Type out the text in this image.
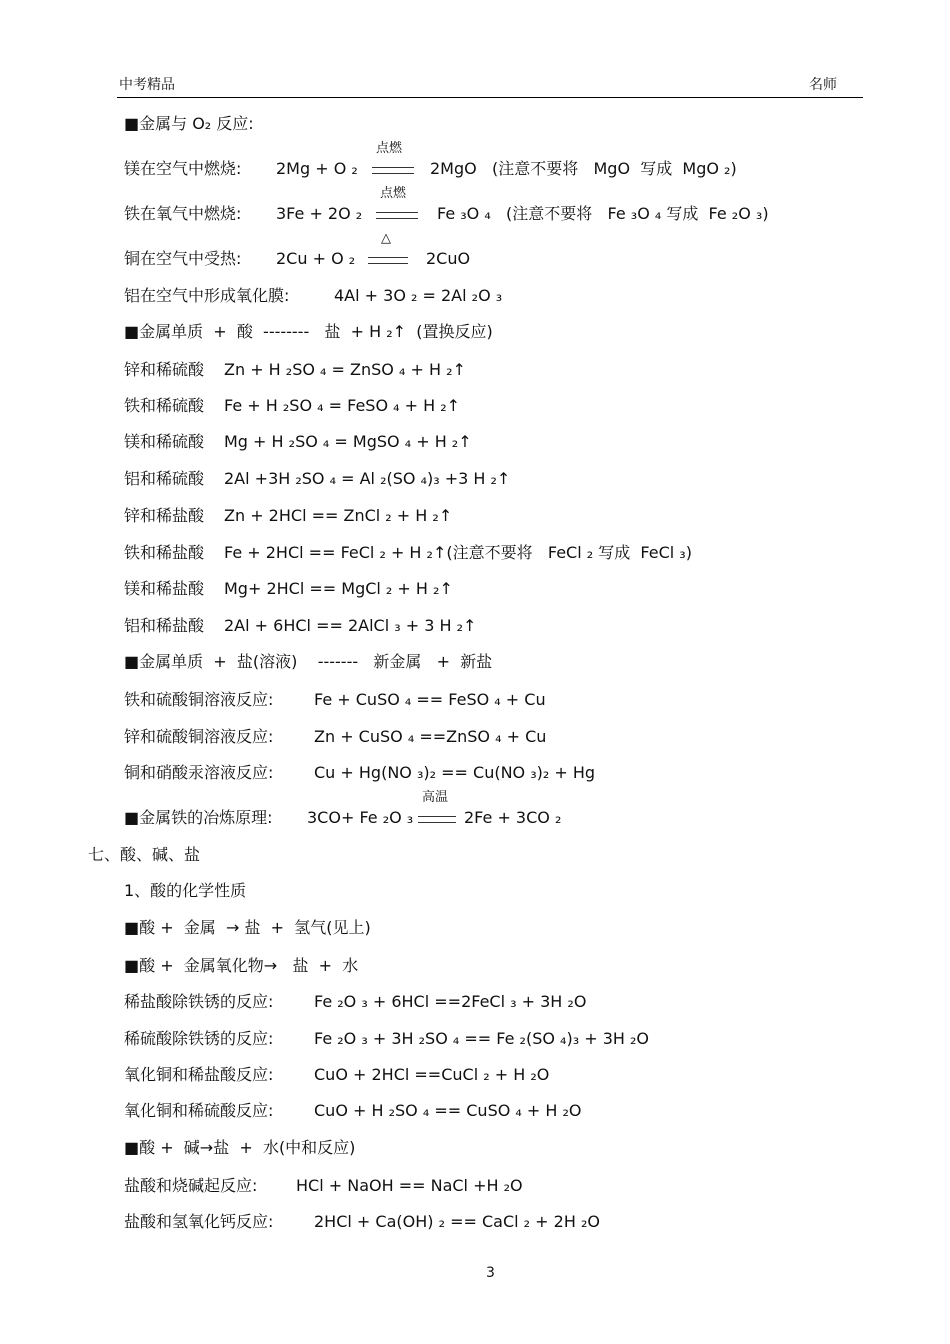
中考精品	名师
■金属与 O₂ 反应:

镁在空气中燃烧:

2Mg + O ₂

点燃

2MgO   (注意不要将   MgO  写成  MgO ₂)

铁在氧气中燃烧:

3Fe + 2O ₂

点燃

Fe ₃O ₄   (注意不要将   Fe ₃O ₄ 写成  Fe ₂O ₃)

铜在空气中受热:

2Cu + O ₂

△

2CuO

铝在空气中形成氧化膜:

	4Al + 3O ₂ = 2Al ₂O ₃

■金属单质  +  酸  --------   盐  + H ₂↑  (置换反应)
锌和稀硫酸 Zn + H ₂SO ₄ = ZnSO ₄ + H ₂↑
铁和稀硫酸 Fe + H ₂SO ₄ = FeSO ₄ + H ₂↑
镁和稀硫酸 Mg + H ₂SO ₄ = MgSO ₄ + H ₂↑
铝和稀硫酸 2Al +3H ₂SO ₄ = Al ₂(SO ₄)₃ +3 H ₂↑
锌和稀盐酸 Zn + 2HCl == ZnCl ₂ + H ₂↑
铁和稀盐酸 Fe + 2HCl == FeCl ₂ + H ₂↑(注意不要将   FeCl ₂ 写成  FeCl ₃)
镁和稀盐酸 Mg+ 2HCl == MgCl ₂ + H ₂↑
铝和稀盐酸 2Al + 6HCl == 2AlCl ₃ + 3 H ₂↑
■金属单质  +  盐(溶液)    -------   新金属   +  新盐
铁和硫酸铜溶液反应:	Fe + CuSO ₄ == FeSO ₄ + Cu
锌和硫酸铜溶液反应:	Zn + CuSO ₄ ==ZnSO ₄ + Cu
铜和硝酸汞溶液反应:	Cu + Hg(NO ₃)₂ == Cu(NO ₃)₂ + Hg

■金属铁的冶炼原理:

3CO+ Fe ₂O ₃

高温

2Fe + 3CO ₂

七、酸、碱、盐
1、酸的化学性质
■酸 +  金属  → 盐  +  氢气(见上)
■酸 +  金属氧化物→   盐  +  水
稀盐酸除铁锈的反应:	Fe ₂O ₃ + 6HCl ==2FeCl ₃ + 3H ₂O
稀硫酸除铁锈的反应:	Fe ₂O ₃ + 3H ₂SO ₄ == Fe ₂(SO ₄)₃ + 3H ₂O
氧化铜和稀盐酸反应:	CuO + 2HCl ==CuCl ₂ + H ₂O
氧化铜和稀硫酸反应:	CuO + H ₂SO ₄ == CuSO ₄ + H ₂O
■酸 +  碱→盐  +  水(中和反应)
盐酸和烧碱起反应: HCl + NaOH == NaCl +H ₂O
盐酸和氢氧化钙反应:	2HCl + Ca(OH) ₂ == CaCl ₂ + 2H ₂O
3
